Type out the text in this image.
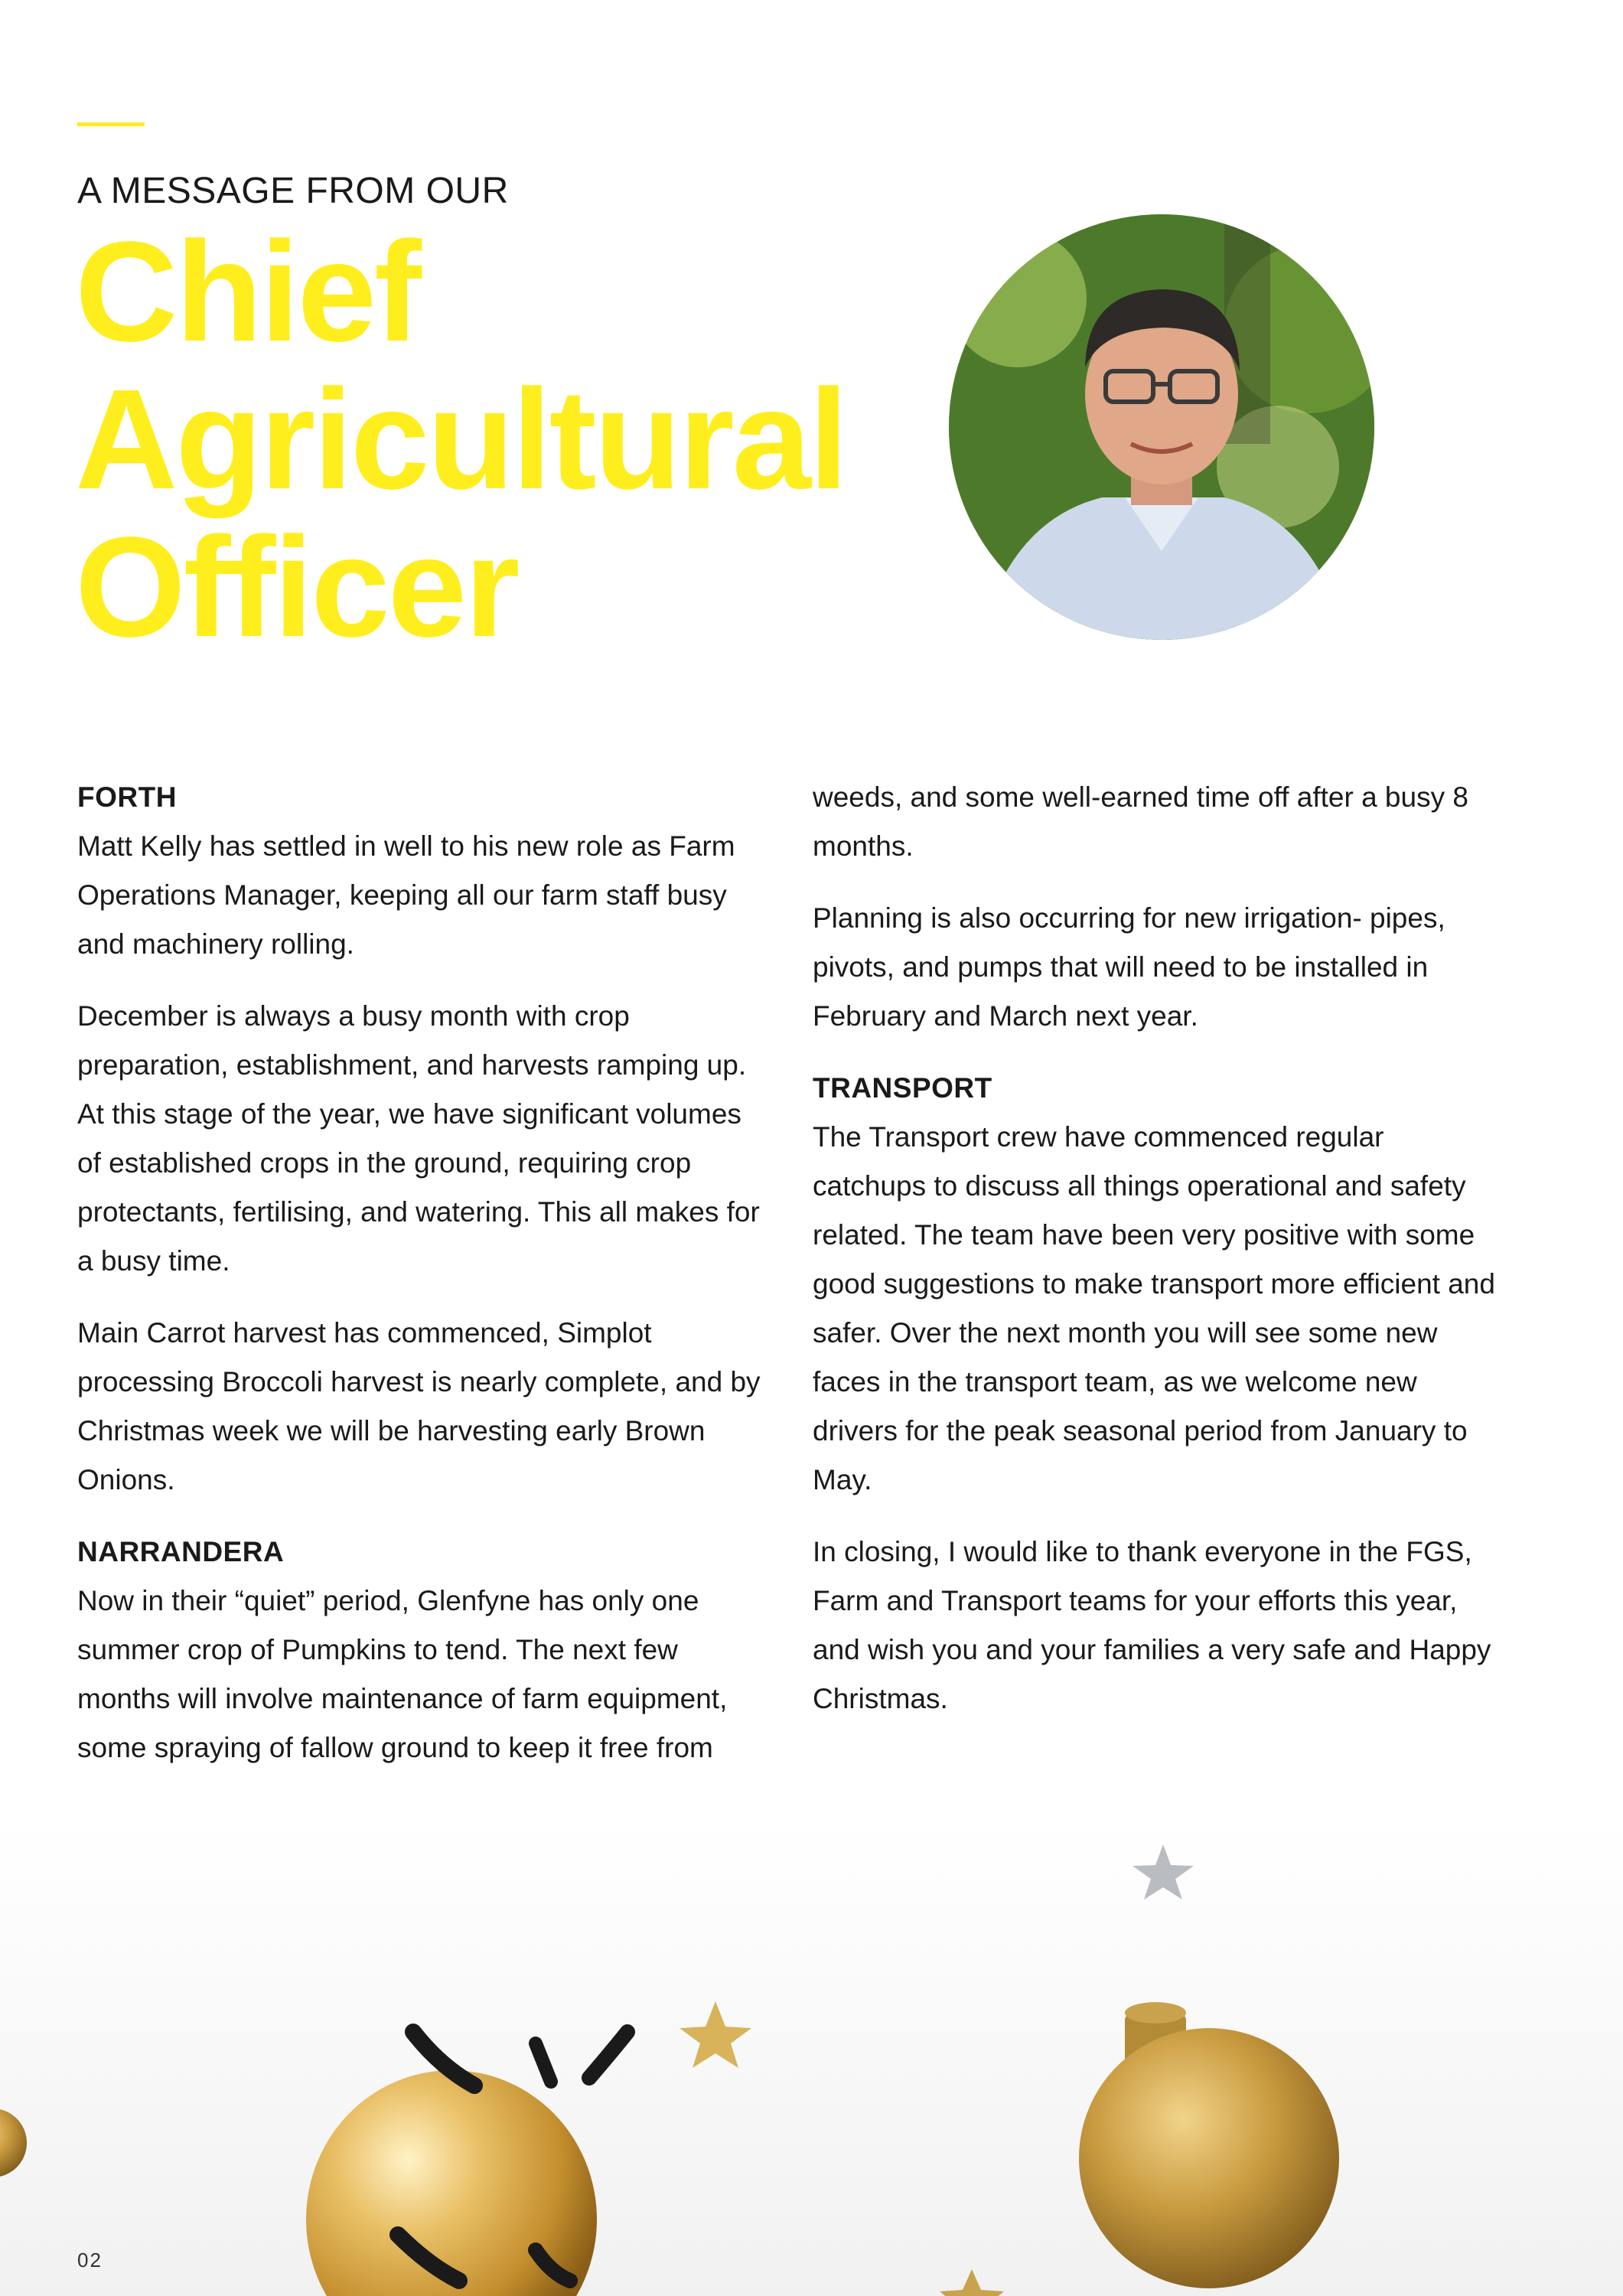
A MESSAGE FROM OUR
Chief
Agricultural
Officer
FORTH

Matt Kelly has settled in well to his new role as Farm Operations Manager, keeping all our farm staff busy and machinery rolling.

December is always a busy month with crop preparation, establishment, and harvests ramping up. At this stage of the year, we have significant volumes of established crops in the ground, requiring crop protectants, fertilising, and watering. This all makes for a busy time.

Main Carrot harvest has commenced, Simplot processing Broccoli harvest is nearly complete, and by Christmas week we will be harvesting early Brown Onions.

NARRANDERA

Now in their “quiet” period, Glenfyne has only one summer crop of Pumpkins to tend. The next few months will involve maintenance of farm equipment, some spraying of fallow ground to keep it free from

weeds, and some well-earned time off after a busy 8 months.

Planning is also occurring for new irrigation- pipes, pivots, and pumps that will need to be installed in February and March next year.

TRANSPORT

The Transport crew have commenced regular catchups to discuss all things operational and safety related. The team have been very positive with some good suggestions to make transport more efficient and safer. Over the next month you will see some new faces in the transport team, as we welcome new drivers for the peak seasonal period from January to May.

In closing, I would like to thank everyone in the FGS, Farm and Transport teams for your efforts this year, and wish you and your families a very safe and Happy Christmas.

02
